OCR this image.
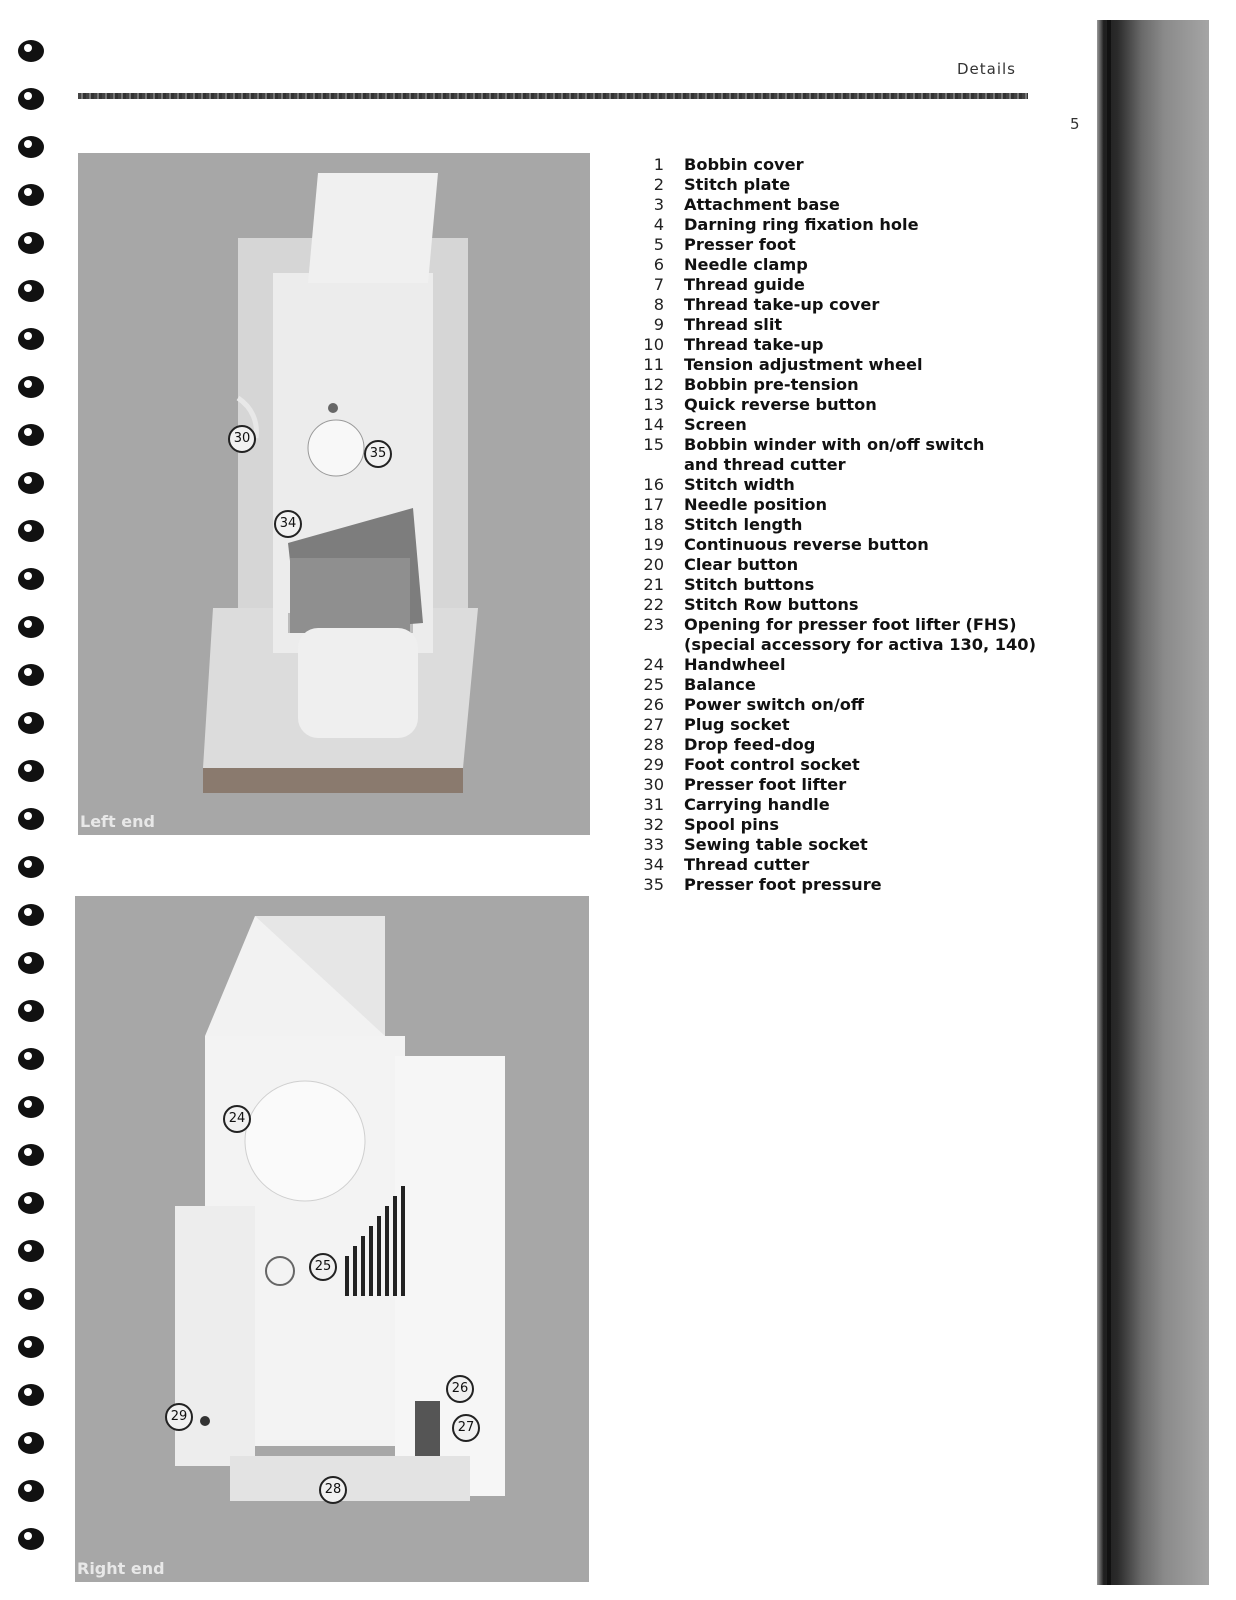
Details
5
30
35
34
Left end
24
25
26
27
29
28
Right end
1 Bobbin cover
2 Stitch plate
3 Attachment base
4 Darning ring fixation hole
5 Presser foot
6 Needle clamp
7 Thread guide
8 Thread take-up cover
9 Thread slit
10 Thread take-up
11 Tension adjustment wheel
12 Bobbin pre-tension
13 Quick reverse button
14 Screen
15 Bobbin winder with on/off switch
and thread cutter
16 Stitch width
17 Needle position
18 Stitch length
19 Continuous reverse button
20 Clear button
21 Stitch buttons
22 Stitch Row buttons
23 Opening for presser foot lifter (FHS)
(special accessory for activa 130, 140)
24 Handwheel
25 Balance
26 Power switch on/off
27 Plug socket
28 Drop feed-dog
29 Foot control socket
30 Presser foot lifter
31 Carrying handle
32 Spool pins
33 Sewing table socket
34 Thread cutter
35 Presser foot pressure
